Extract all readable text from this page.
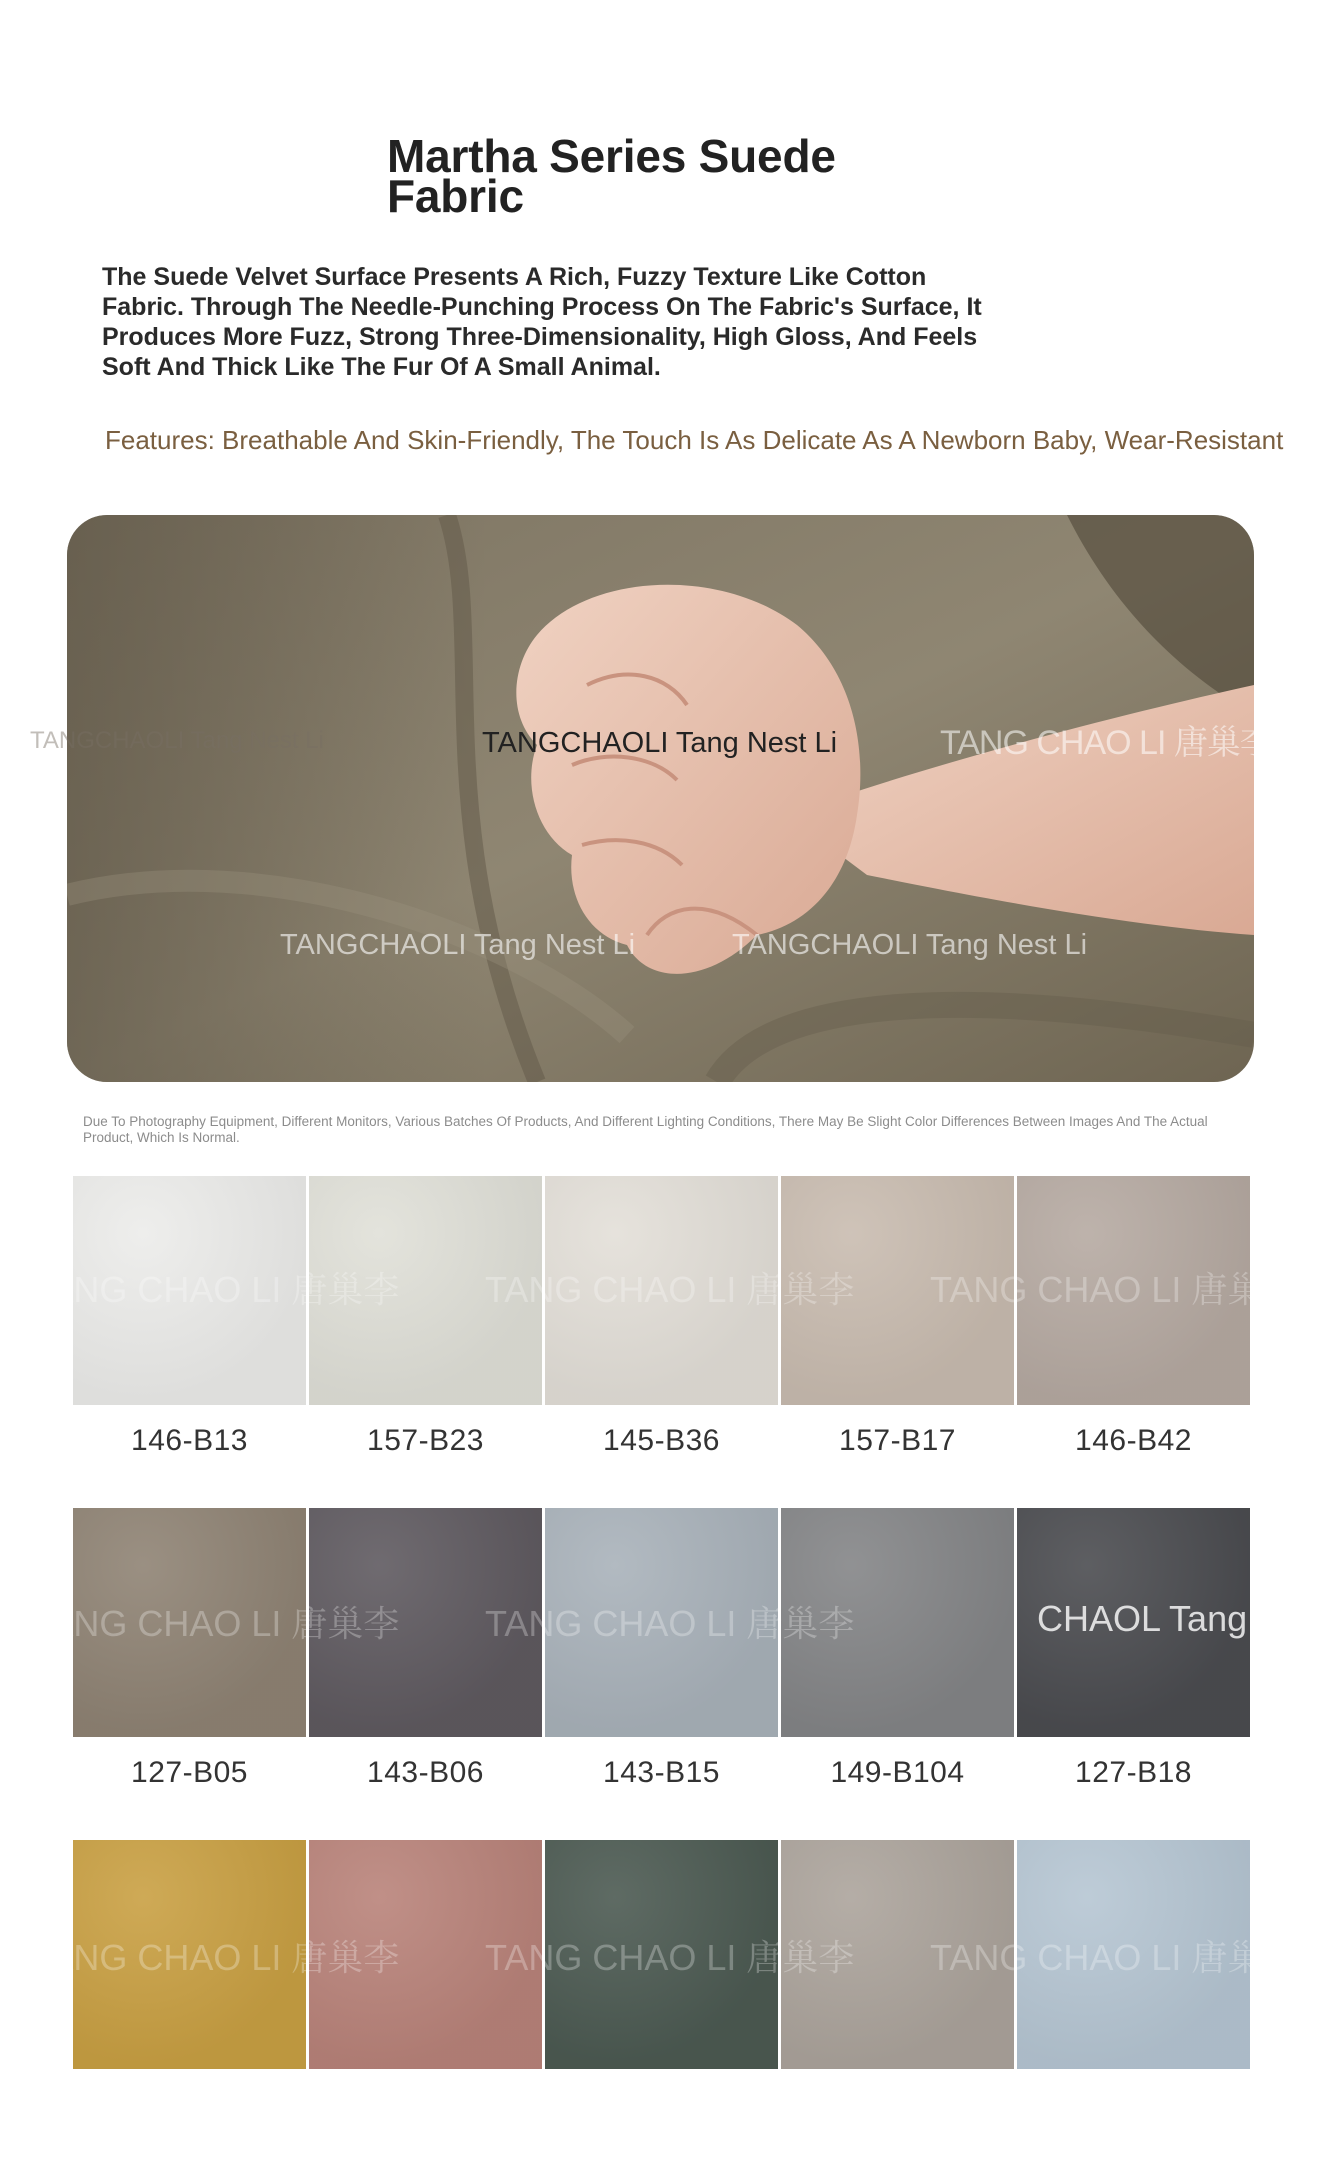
Martha Series Suede Fabric

The Suede Velvet Surface Presents A Rich, Fuzzy Texture Like Cotton Fabric. Through The Needle-Punching Process On The Fabric's Surface, It Produces More Fuzz, Strong Three-Dimensionality, High Gloss, And Feels Soft And Thick Like The Fur Of A Small Animal.

Features: Breathable And Skin-Friendly, The Touch Is As Delicate As A Newborn Baby, Wear-Resistant

TANGCHAOLI Tang Nest Li	TANGCHAOLI Tang Nest Li	TANG CHAO LI 唐巢李
TANGCHAOLI Tang Nest Li	TANGCHAOLI Tang Nest Li

Due To Photography Equipment, Different Monitors, Various Batches Of Products, And Different Lighting Conditions, There May Be Slight Color Differences Between Images And The Actual Product, Which Is Normal.

146-B13	157-B23	145-B36	157-B17	146-B42
127-B05	143-B06	143-B15	149-B104	127-B18
TANG CHAO LI 唐巢李 TANG CHAO LI 唐巢李 TANG CHAO LI 唐巢李
TANG CHAO LI 唐巢李 TANG CHAO LI 唐巢李	CHAOL Tang
TANG CHAO LI 唐巢李 TANG CHAO LI 唐巢李 TANG CHAO LI 唐巢李
